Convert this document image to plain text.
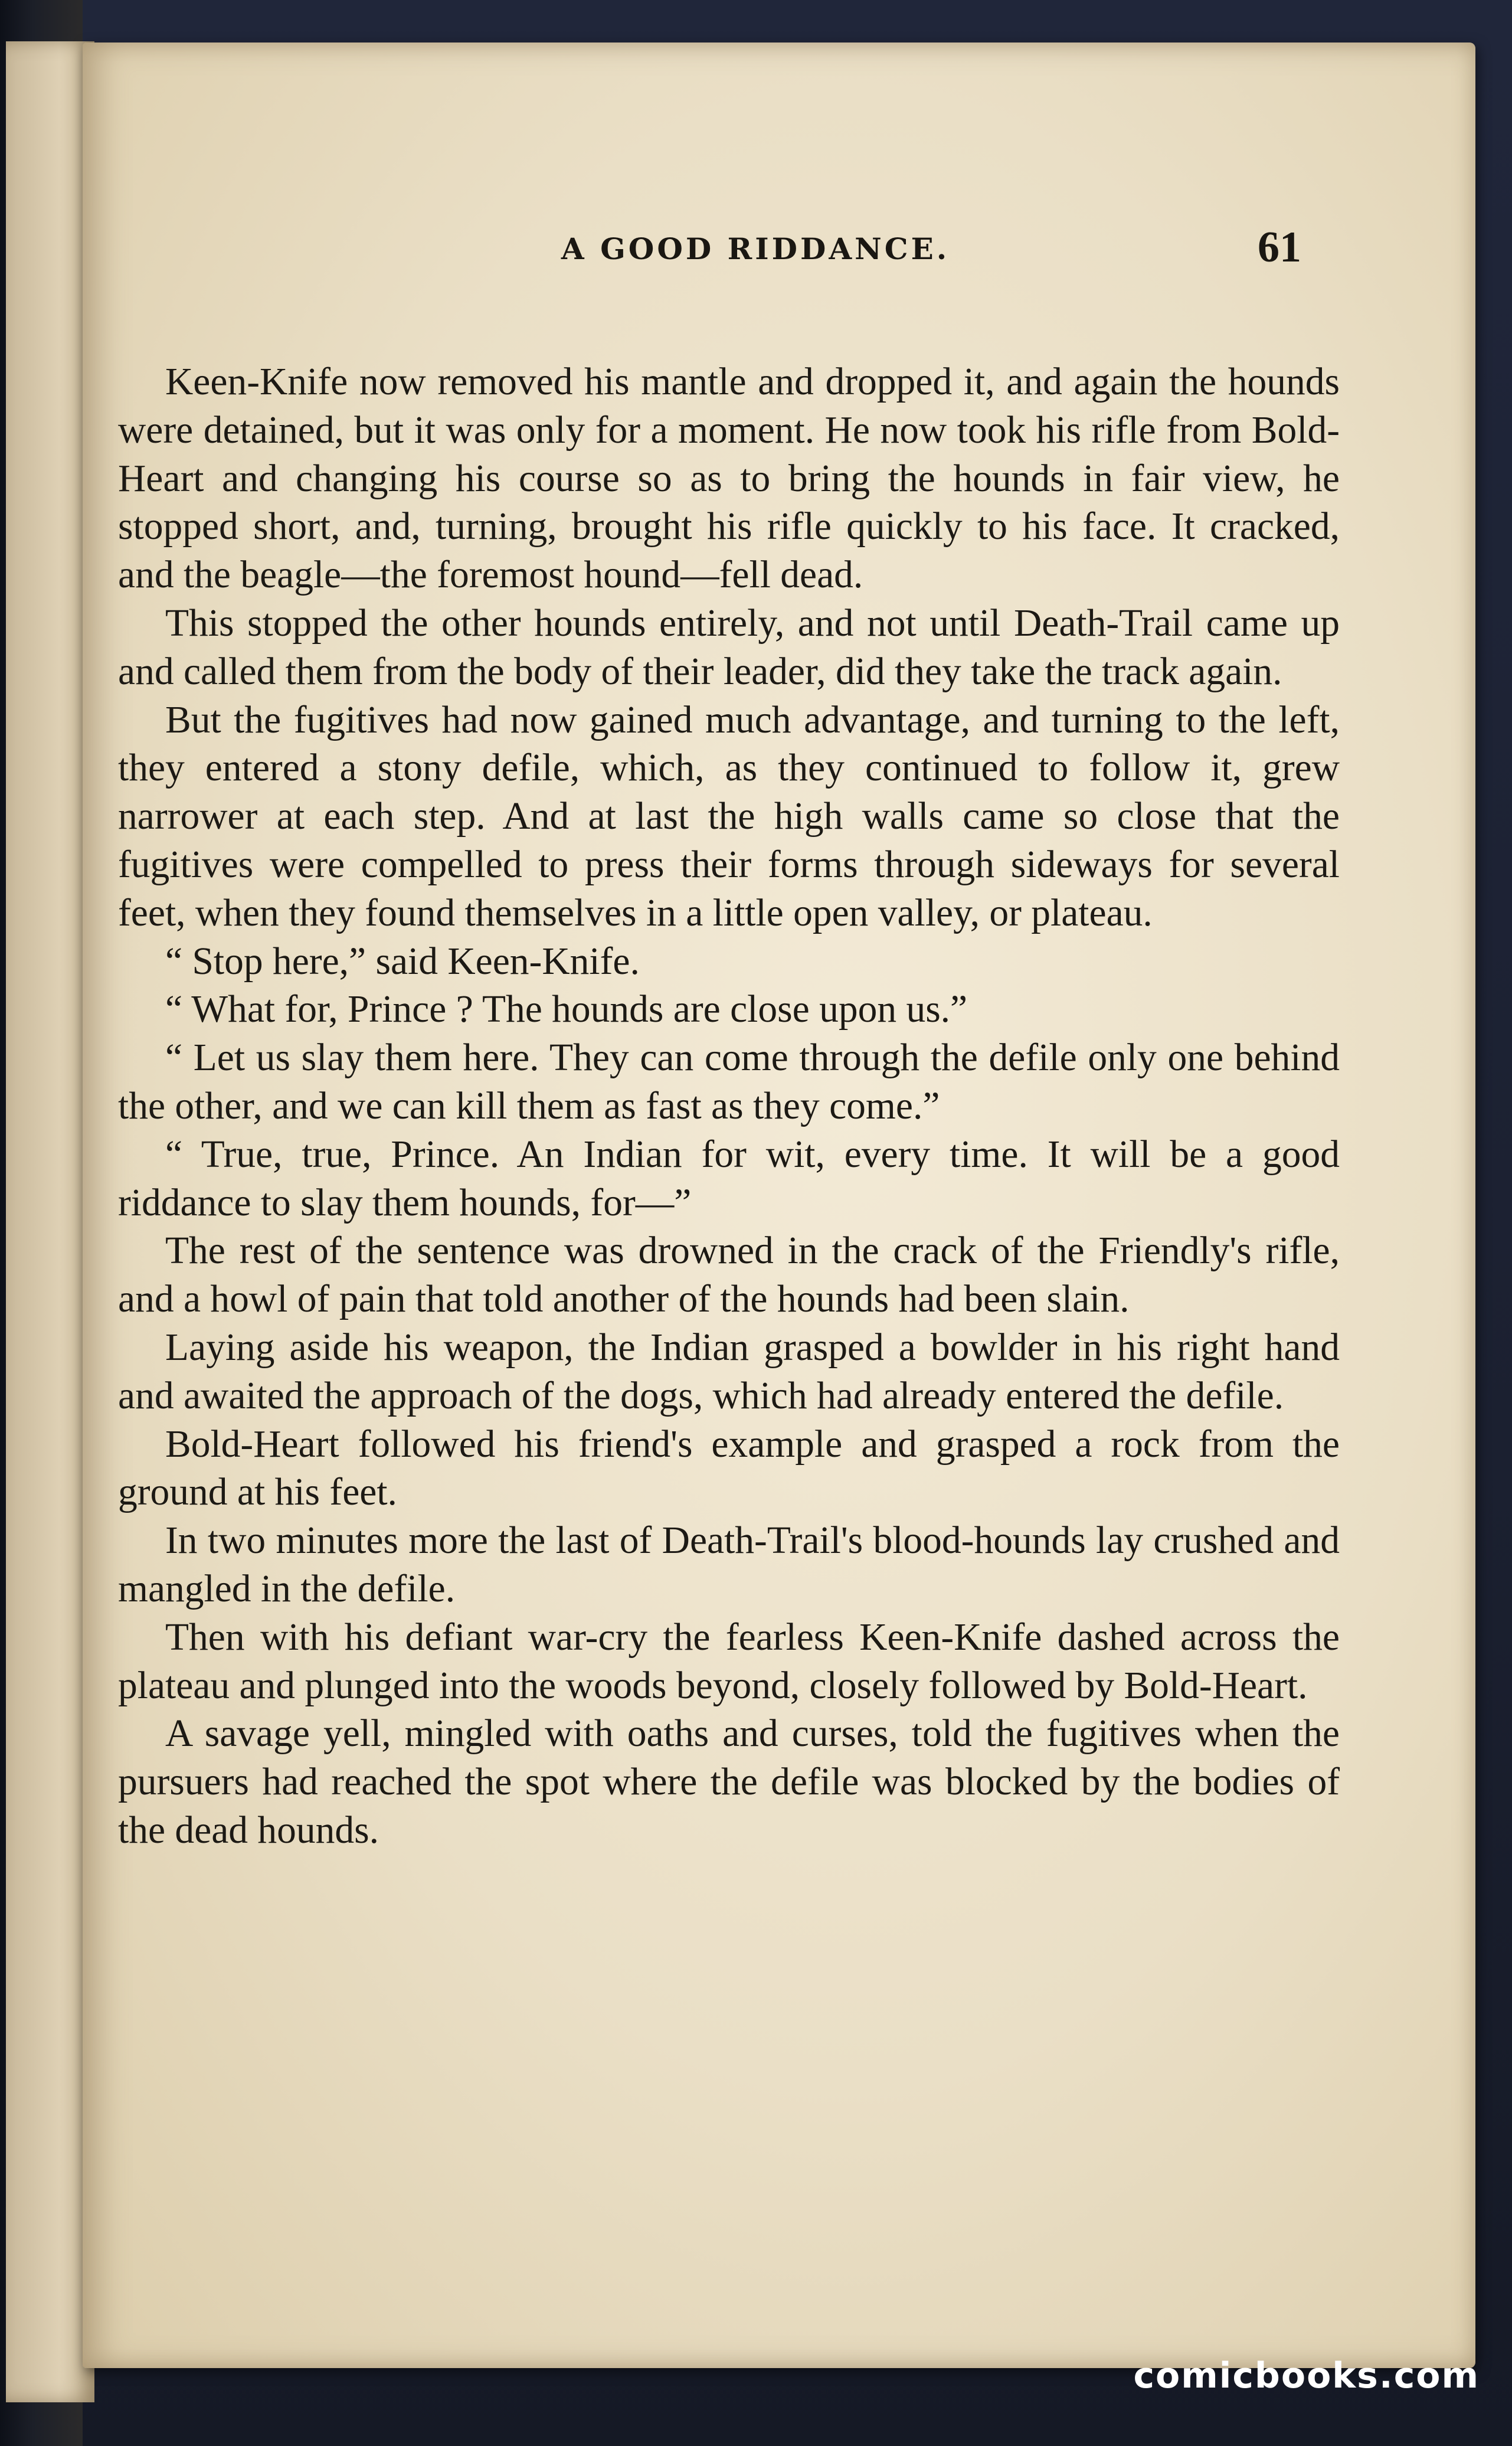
A GOOD RIDDANCE.	61

Keen-Knife now removed his mantle and dropped it, and again the hounds were detained, but it was only for a moment. He now took his rifle from Bold-Heart and changing his course so as to bring the hounds in fair view, he stopped short, and, turning, brought his rifle quickly to his face. It cracked, and the beagle—the foremost hound—fell dead.

This stopped the other hounds entirely, and not until Death-Trail came up and called them from the body of their leader, did they take the track again.

But the fugitives had now gained much advantage, and turning to the left, they entered a stony defile, which, as they continued to follow it, grew narrower at each step. And at last the high walls came so close that the fugitives were compelled to press their forms through sideways for several feet, when they found themselves in a little open valley, or plateau.

“ Stop here,” said Keen-Knife.

“ What for, Prince ? The hounds are close upon us.”

“ Let us slay them here. They can come through the defile only one behind the other, and we can kill them as fast as they come.”

“ True, true, Prince. An Indian for wit, every time. It will be a good riddance to slay them hounds, for—”

The rest of the sentence was drowned in the crack of the Friendly's rifle, and a howl of pain that told another of the hounds had been slain.

Laying aside his weapon, the Indian grasped a bowlder in his right hand and awaited the approach of the dogs, which had already entered the defile.

Bold-Heart followed his friend's example and grasped a rock from the ground at his feet.

In two minutes more the last of Death-Trail's blood-hounds lay crushed and mangled in the defile.

Then with his defiant war-cry the fearless Keen-Knife dashed across the plateau and plunged into the woods beyond, closely followed by Bold-Heart.

A savage yell, mingled with oaths and curses, told the fugitives when the pursuers had reached the spot where the defile was blocked by the bodies of the dead hounds.

comicbooks.com
